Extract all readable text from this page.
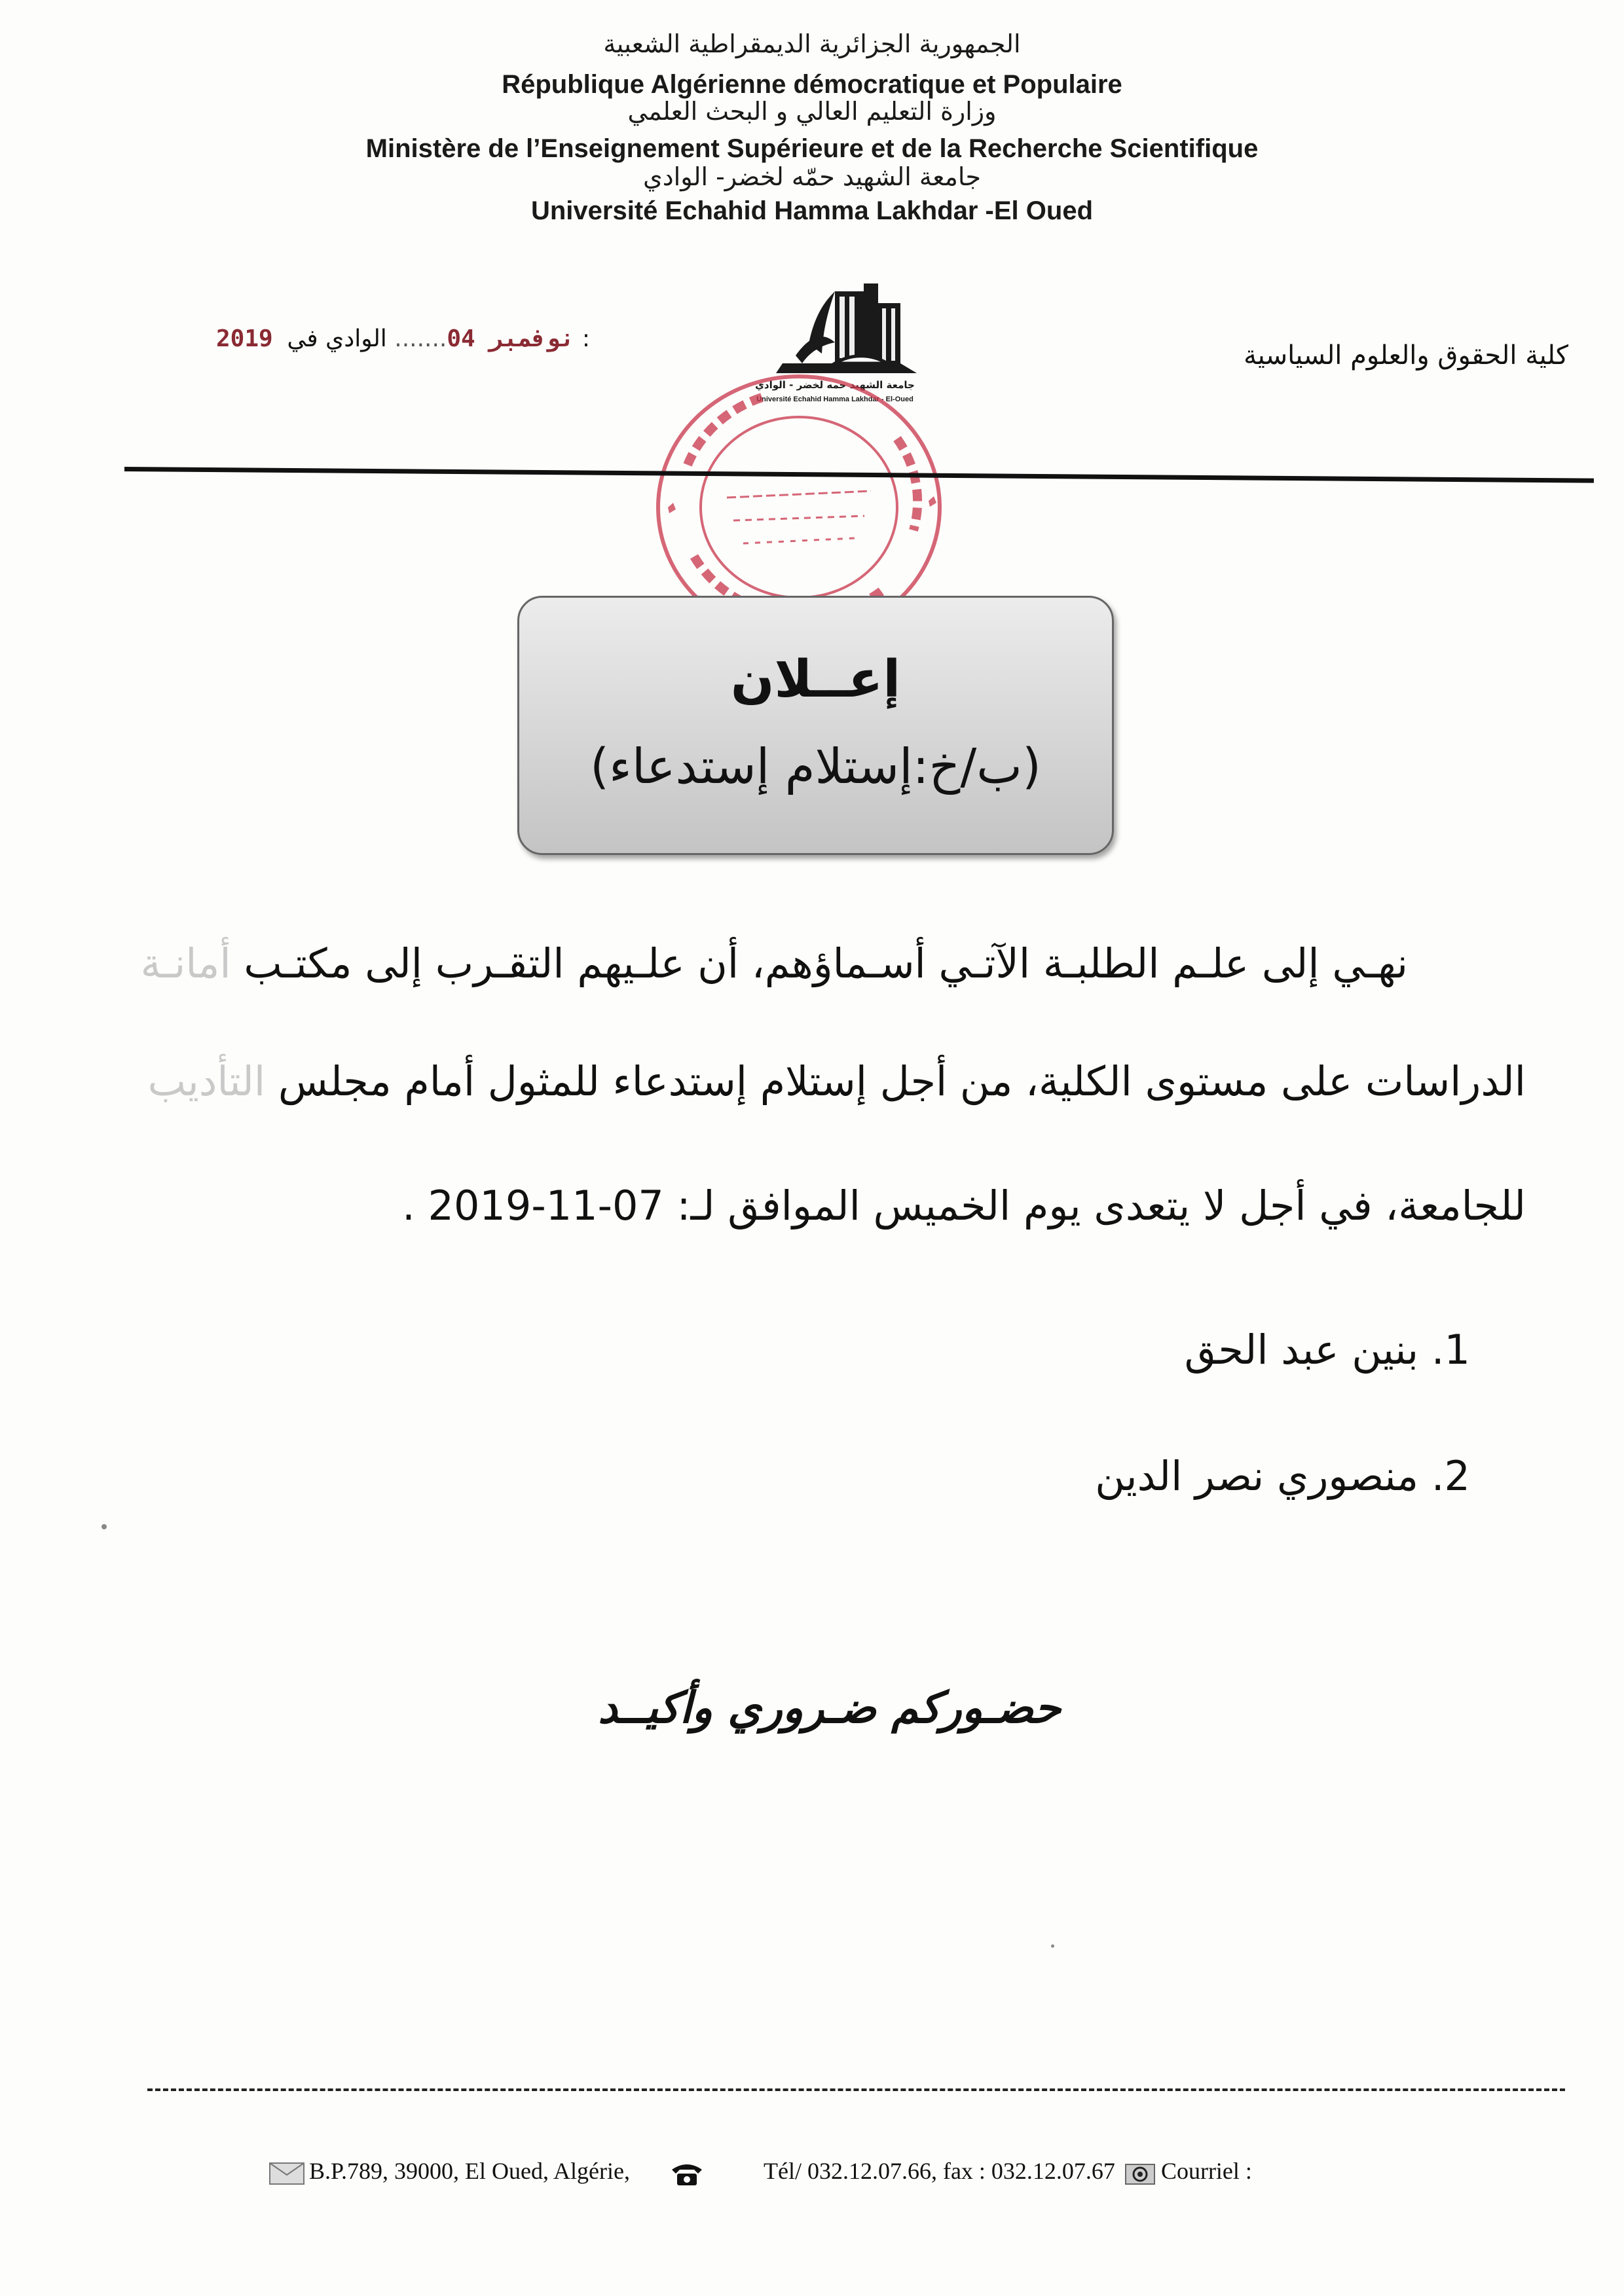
الجمهورية الجزائرية الديمقراطية الشعبية
République Algérienne démocratique et Populaire
وزارة التعليم العالي و البحث العلمي
Ministère de l’Enseignement Supérieure et de la Recherche Scientifique
جامعة الشهيد حمّه لخضر- الوادي
Université Echahid Hamma Lakhdar -El Oued
كلية الحقوق والعلوم السياسية
2019 نوفمبر 04....... الوادي في :
جامعة الشهيد حمه لخضر - الوادي
Université Echahid Hamma Lakhdar - El-Oued
إعــلان
(ب/خ:إستلام إستدعاء)
نهـي إلى علـم الطلبـة الآتـي أسـماؤهم، أن علـيهم التقـرب إلى مكتـب أمانـة
الدراسات على مستوى الكلية، من أجل إستلام إستدعاء للمثول أمام مجلس التأديب
للجامعة، في أجل لا يتعدى يوم الخميس الموافق لـ: 07-11-2019 .
1. بنين عبد الحق
2. منصوري نصر الدين
حضـوركم ضـروري وأكيــد
B.P.789, 39000, El Oued, Algérie,	Tél/ 032.12.07.66, fax : 032.12.07.67 Courriel :
